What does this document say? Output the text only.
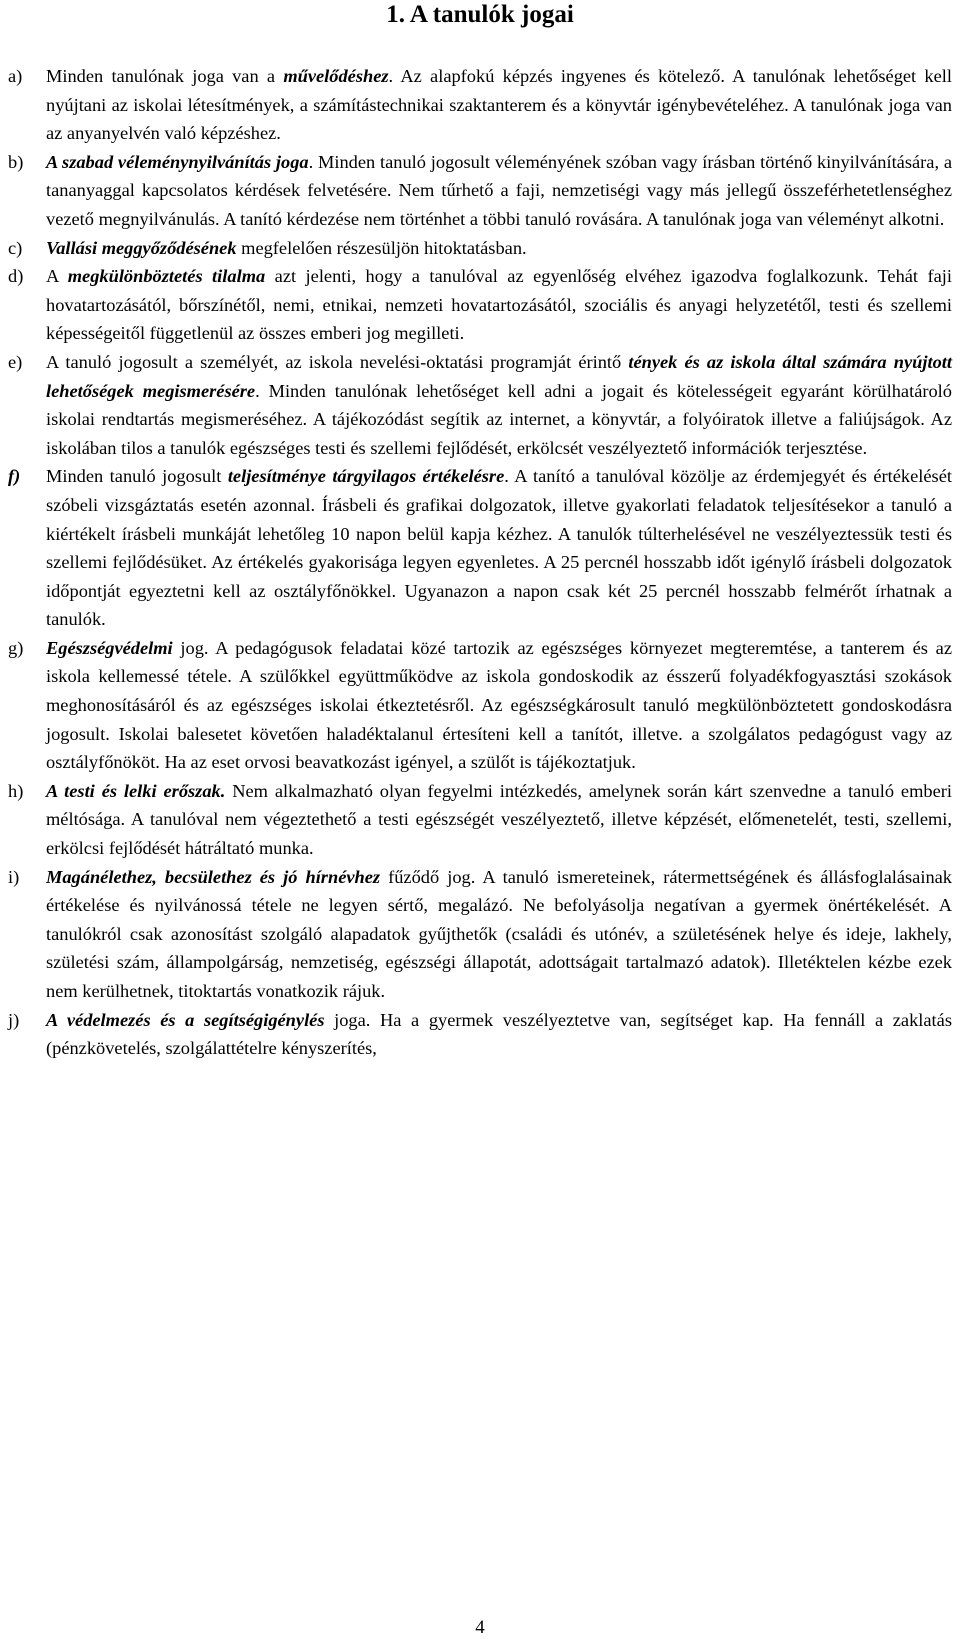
1. A tanulók jogai
a) Minden tanulónak joga van a művelődéshez. Az alapfokú képzés ingyenes és kötelező. A tanulónak lehetőséget kell nyújtani az iskolai létesítmények, a számítástechnikai szaktanterem és a könyvtár igénybevételéhez. A tanulónak joga van az anyanyelvén való képzéshez.
b) A szabad véleménynyilvánítás joga. Minden tanuló jogosult véleményének szóban vagy írásban történő kinyilvánítására, a tananyaggal kapcsolatos kérdések felvetésére. Nem tűrhető a faji, nemzetiségi vagy más jellegű összeférhetetlenséghez vezető megnyilvánulás. A tanító kérdezése nem történhet a többi tanuló rovására. A tanulónak joga van véleményt alkotni.
c) Vallási meggyőződésének megfelelően részesüljön hitoktatásban.
d) A megkülönböztetés tilalma azt jelenti, hogy a tanulóval az egyenlőség elvéhez igazodva foglalkozunk. Tehát faji hovatartozásától, bőrszínétől, nemi, etnikai, nemzeti hovatartozásától, szociális és anyagi helyzetétől, testi és szellemi képességeitől függetlenül az összes emberi jog megilleti.
e) A tanuló jogosult a személyét, az iskola nevelési-oktatási programját érintő tények és az iskola által számára nyújtott lehetőségek megismerésére. Minden tanulónak lehetőséget kell adni a jogait és kötelességeit egyaránt körülhatároló iskolai rendtartás megismeréséhez. A tájékozódást segítik az internet, a könyvtár, a folyóiratok illetve a faliújságok. Az iskolában tilos a tanulók egészséges testi és szellemi fejlődését, erkölcsét veszélyeztető információk terjesztése.
f) Minden tanuló jogosult teljesítménye tárgyilagos értékelésre. A tanító a tanulóval közölje az érdemjegyét és értékelését szóbeli vizsgáztatás esetén azonnal. Írásbeli és grafikai dolgozatok, illetve gyakorlati feladatok teljesítésekor a tanuló a kiértékelt írásbeli munkáját lehetőleg 10 napon belül kapja kézhez. A tanulók túlterhelésével ne veszélyeztessük testi és szellemi fejlődésüket. Az értékelés gyakorisága legyen egyenletes. A 25 percnél hosszabb időt igénylő írásbeli dolgozatok időpontját egyeztetni kell az osztályfőnökkel. Ugyanazon a napon csak két 25 percnél hosszabb felmérőt írhatnak a tanulók.
g) Egészségvédelmi jog. A pedagógusok feladatai közé tartozik az egészséges környezet megteremtése, a tanterem és az iskola kellemessé tétele. A szülőkkel együttműködve az iskola gondoskodik az ésszerű folyadékfogyasztási szokások meghonosításáról és az egészséges iskolai étkeztetésről. Az egészségkárosult tanuló megkülönböztetett gondoskodásra jogosult. Iskolai balesetet követően haladéktalanul értesíteni kell a tanítót, illetve. a szolgálatos pedagógust vagy az osztályfőnököt. Ha az eset orvosi beavatkozást igényel, a szülőt is tájékoztatjuk.
h) A testi és lelki erőszak. Nem alkalmazható olyan fegyelmi intézkedés, amelynek során kárt szenvedne a tanuló emberi méltósága. A tanulóval nem végeztethető a testi egészségét veszélyeztető, illetve képzését, előmenetelét, testi, szellemi, erkölcsi fejlődését hátráltató munka.
i) Magánélethez, becsülethez és jó hírnévhez fűződő jog. A tanuló ismereteinek, rátermettségének és állásfoglalásainak értékelése és nyilvánossá tétele ne legyen sértő, megalázó. Ne befolyásolja negatívan a gyermek önértékelését. A tanulókról csak azonosítást szolgáló alapadatok gyűjthetők (családi és utónév, a születésének helye és ideje, lakhely, születési szám, állampolgárság, nemzetiség, egészségi állapotát, adottságait tartalmazó adatok). Illetéktelen kézbe ezek nem kerülhetnek, titoktartás vonatkozik rájuk.
j) A védelmezés és a segítségigénylés joga. Ha a gyermek veszélyeztetve van, segítséget kap. Ha fennáll a zaklatás (pénzkövetelés, szolgálattételre kényszerítés,
4
